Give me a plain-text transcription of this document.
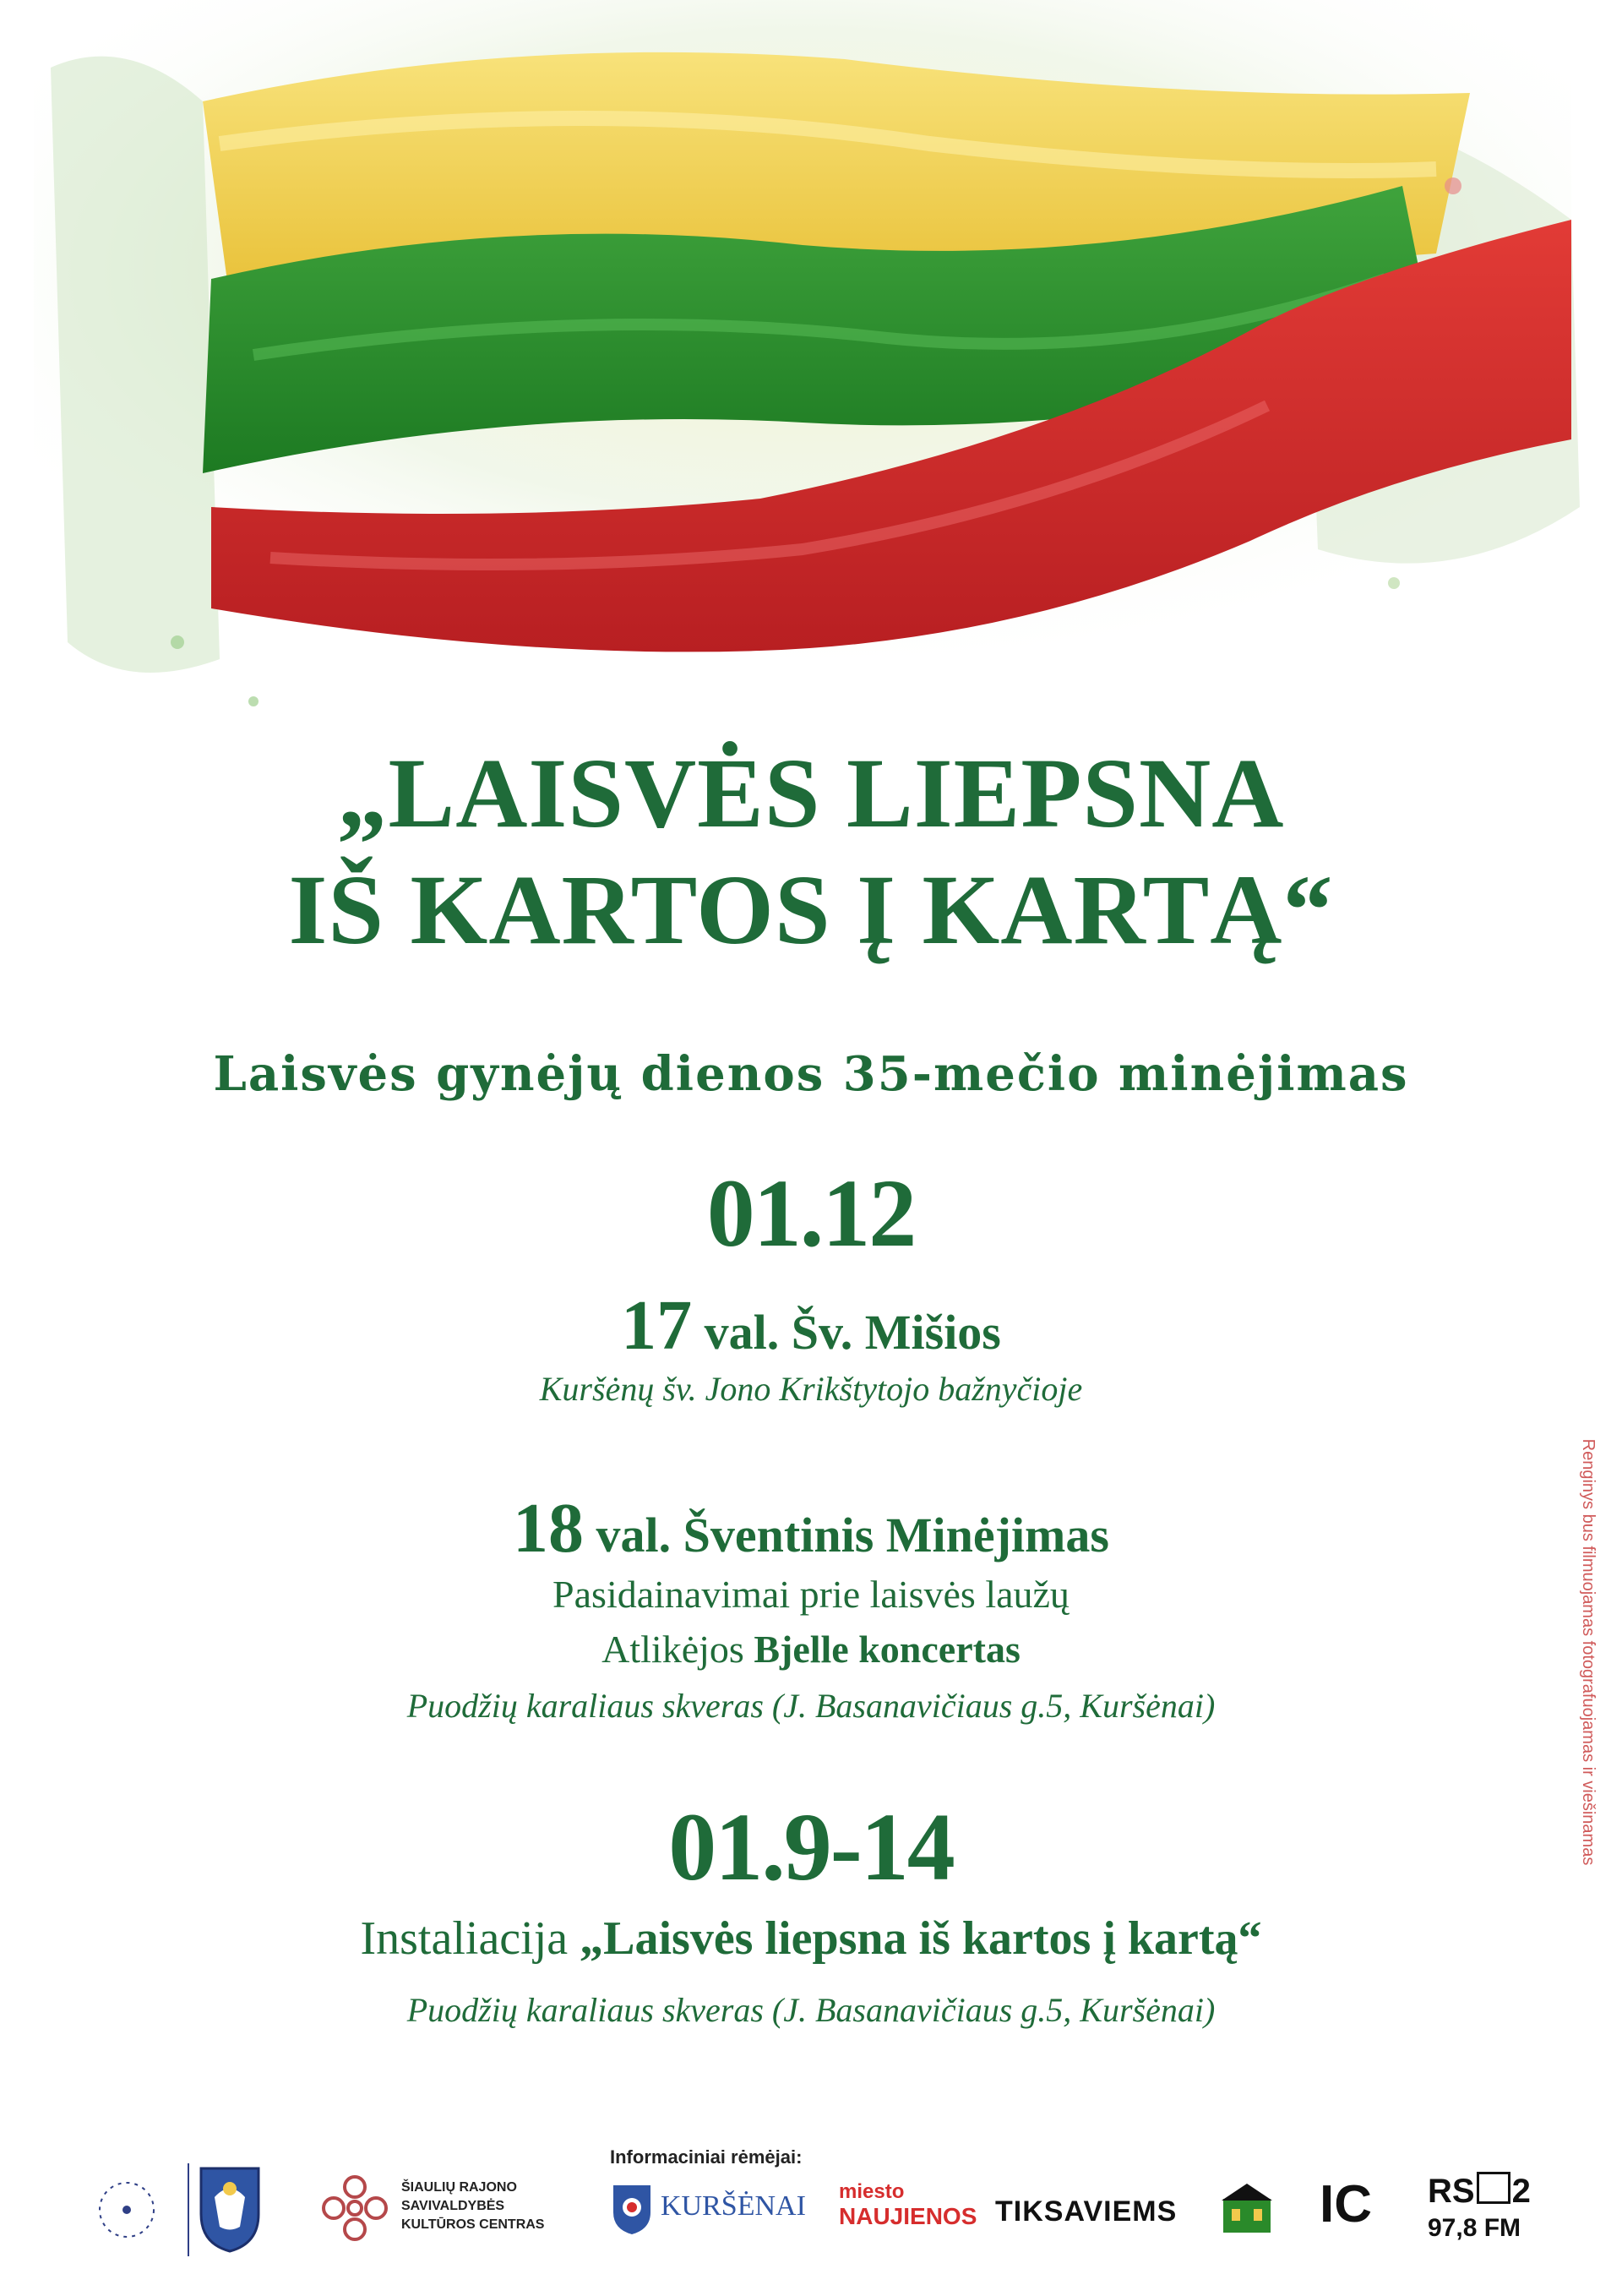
„LAISVĖS LIEPSNA
IŠ KARTOS Į KARTĄ“
Laisvės gynėjų dienos 35-mečio minėjimas
01.12
17 val. Šv. Mišios
Kuršėnų šv. Jono Krikštytojo bažnyčioje
18 val. Šventinis Minėjimas
Pasidainavimai prie laisvės laužų
Atlikėjos Bjelle koncertas
Puodžių karaliaus skveras (J. Basanavičiaus g.5, Kuršėnai)
01.9-14
Instaliacija „Laisvės liepsna iš kartos į kartą“
Puodžių karaliaus skveras (J. Basanavičiaus g.5, Kuršėnai)
Renginys bus filmuojamas fotografuojamas ir viešinamas
ŠIAULIŲ RAJONO
SAVIVALDYBĖS
KULTŪROS CENTRAS
Informaciniai rėmėjai:
KURŠĖNAI miesto
NAUJIENOS TIKSAVIEMS	IC RS 2
97,8 FM
